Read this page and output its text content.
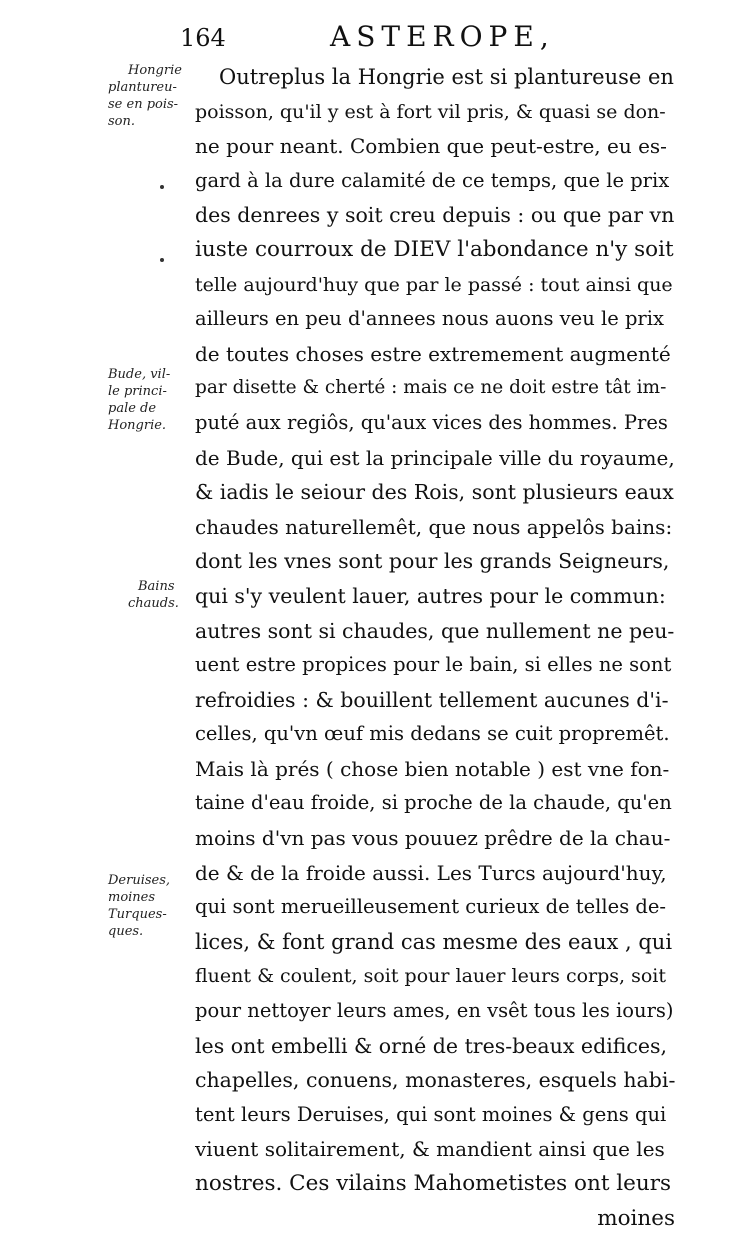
164	ASTEROPE,
Hongrie
plantureu-
se en pois-
son.
Bude, vil-
le princi-
pale de
Hongrie.
Bains
chauds.
Deruises,
moines
Turques-
ques.
Outreplus la Hongrie est si plantureuse en
poisson, qu'il y est à fort vil pris, & quasi se don-
ne pour neant. Combien que peut-estre, eu es-
gard à la dure calamité de ce temps, que le prix
des denrees y soit creu depuis : ou que par vn
iuste courroux de DIEV l'abondance n'y soit
telle aujourd'huy que par le passé : tout ainsi que
ailleurs en peu d'annees nous auons veu le prix
de toutes choses estre extremement augmenté
par disette & cherté : mais ce ne doit estre tât im-
puté aux regiôs, qu'aux vices des hommes. Pres
de Bude, qui est la principale ville du royaume,
& iadis le seiour des Rois, sont plusieurs eaux
chaudes naturellemêt, que nous appelôs bains:
dont les vnes sont pour les grands Seigneurs,
qui s'y veulent lauer, autres pour le commun:
autres sont si chaudes, que nullement ne peu-
uent estre propices pour le bain, si elles ne sont
refroidies : & bouillent tellement aucunes d'i-
celles, qu'vn œuf mis dedans se cuit propremêt.
Mais là prés ( chose bien notable ) est vne fon-
taine d'eau froide, si proche de la chaude, qu'en
moins d'vn pas vous pouuez prêdre de la chau-
de & de la froide aussi. Les Turcs aujourd'huy,
qui sont merueilleusement curieux de telles de-
lices, & font grand cas mesme des eaux , qui
fluent & coulent, soit pour lauer leurs corps, soit
pour nettoyer leurs ames, en vsêt tous les iours)
les ont embelli & orné de tres-beaux edifices,
chapelles, conuens, monasteres, esquels habi-
tent leurs Deruises, qui sont moines & gens qui
viuent solitairement, & mandient ainsi que les
nostres. Ces vilains Mahometistes ont leurs
moines
